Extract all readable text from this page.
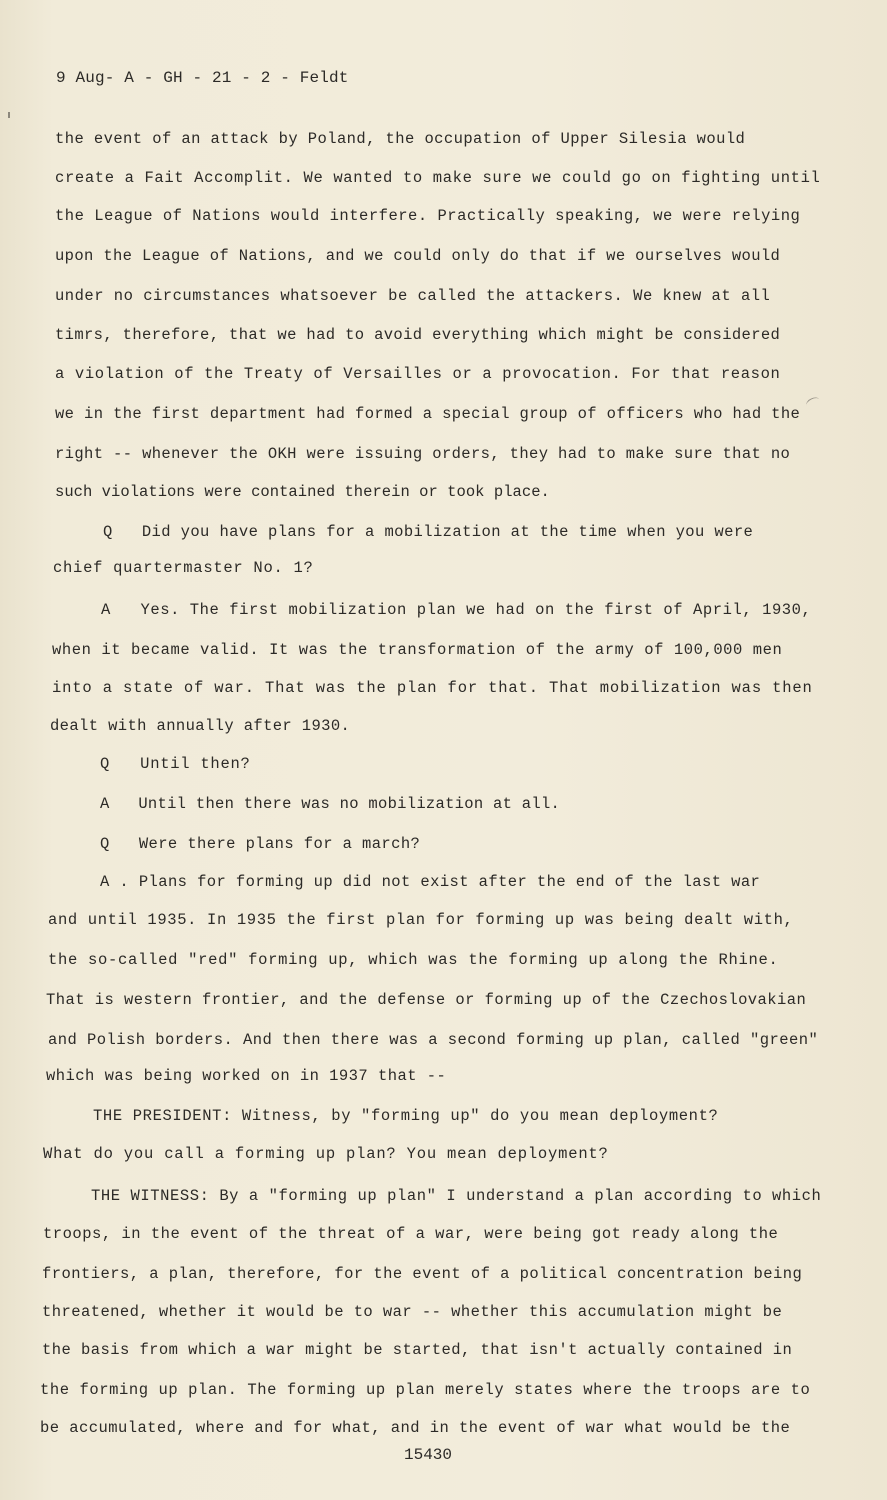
9 Aug- A - GH - 21 - 2 - Feldt
the event of an attack by Poland, the occupation of Upper Silesia would
create a Fait Accomplit. We wanted to make sure we could go on fighting until
the League of Nations would interfere. Practically speaking, we were relying
upon the League of Nations, and we could only do that if we ourselves would
under no circumstances whatsoever be called the attackers. We knew at all
timrs, therefore, that we had to avoid everything which might be considered
a violation of the Treaty of Versailles or a provocation. For that reason
we in the first department had formed a special group of officers who had the
right -- whenever the OKH were issuing orders, they had to make sure that no
such violations were contained therein or took place.
Q   Did you have plans for a mobilization at the time when you were
chief quartermaster No. 1?
A   Yes. The first mobilization plan we had on the first of April, 1930,
when it became valid. It was the transformation of the army of 100,000 men
into a state of war. That was the plan for that. That mobilization was then
dealt with annually after 1930.
Q   Until then?
A   Until then there was no mobilization at all.
Q   Were there plans for a march?
A . Plans for forming up did not exist after the end of the last war
and until 1935. In 1935 the first plan for forming up was being dealt with,
the so-called "red" forming up, which was the forming up along the Rhine.
That is western frontier, and the defense or forming up of the Czechoslovakian
and Polish borders. And then there was a second forming up plan, called "green"
which was being worked on in 1937 that --
THE PRESIDENT: Witness, by "forming up" do you mean deployment?
What do you call a forming up plan? You mean deployment?
THE WITNESS: By a "forming up plan" I understand a plan according to which
troops, in the event of the threat of a war, were being got ready along the
frontiers, a plan, therefore, for the event of a political concentration being
threatened, whether it would be to war -- whether this accumulation might be
the basis from which a war might be started, that isn't actually contained in
the forming up plan. The forming up plan merely states where the troops are to
be accumulated, where and for what, and in the event of war what would be the
15430
